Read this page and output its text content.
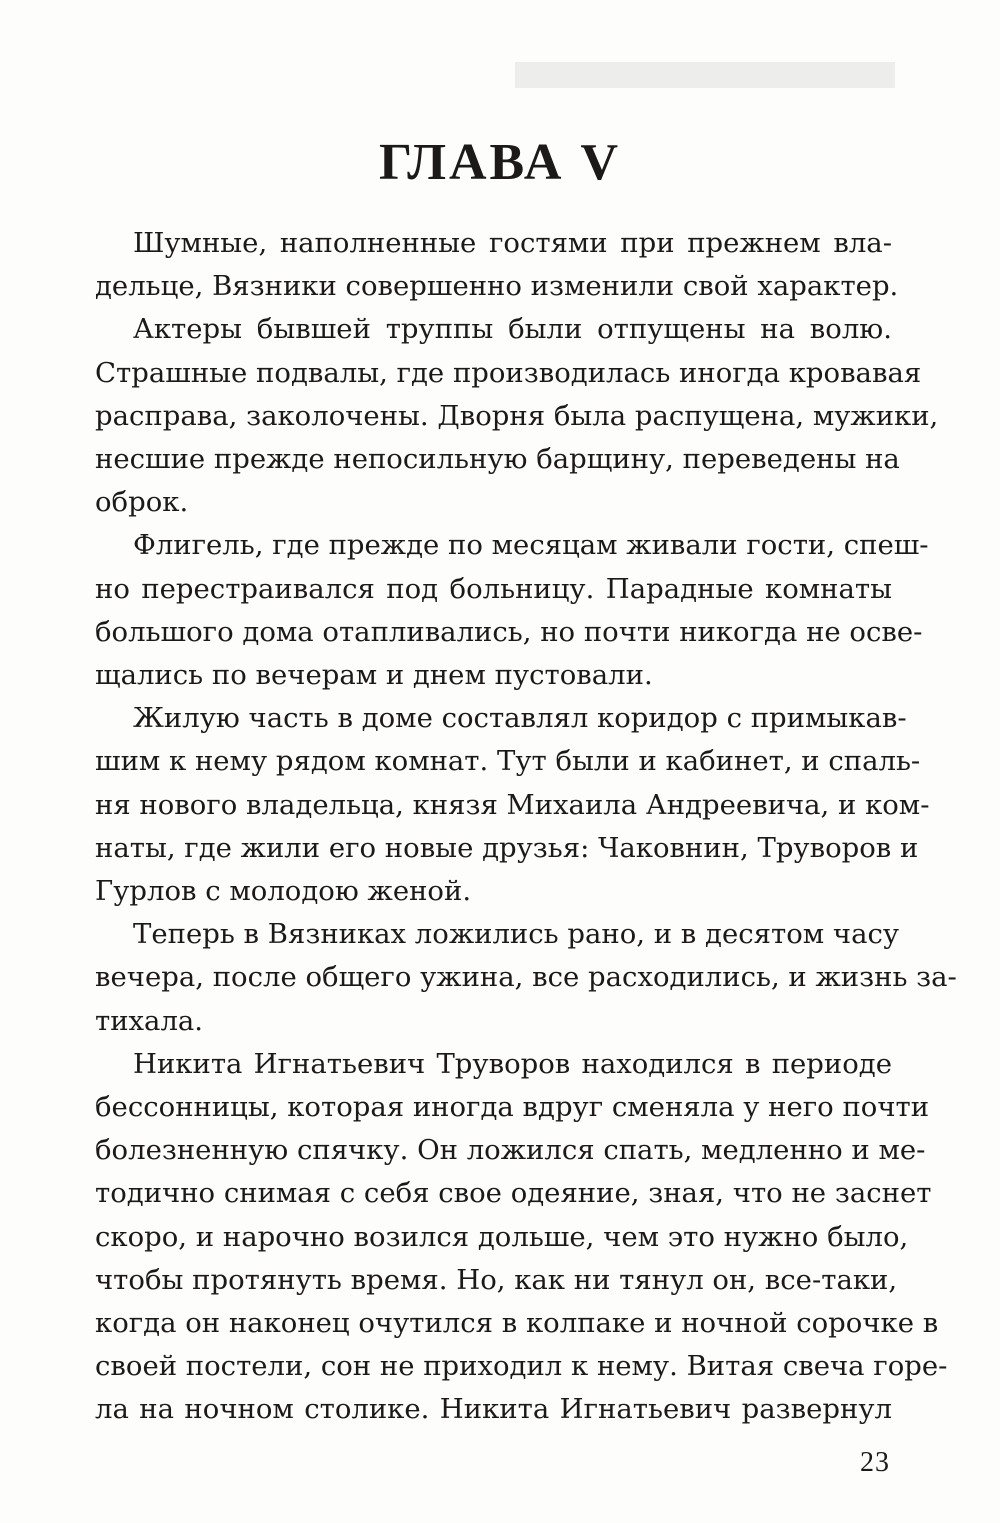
ГЛАВА V

Шумные, наполненные гостями при прежнем вла-

дельце, Вязники совершенно изменили свой характер.

Актеры бывшей труппы были отпущены на волю.

Страшные подвалы, где производилась иногда кровавая

расправа, заколочены. Дворня была распущена, мужики,

несшие прежде непосильную барщину, переведены на

оброк.

Флигель, где прежде по месяцам живали гости, спеш-

но перестраивался под больницу. Парадные комнаты

большого дома отапливались, но почти никогда не осве-

щались по вечерам и днем пустовали.

Жилую часть в доме составлял коридор с примыкав-

шим к нему рядом комнат. Тут были и кабинет, и спаль-

ня нового владельца, князя Михаила Андреевича, и ком-

наты, где жили его новые друзья: Чаковнин, Труворов и

Гурлов с молодою женой.

Теперь в Вязниках ложились рано, и в десятом часу

вечера, после общего ужина, все расходились, и жизнь за-

тихала.

Никита Игнатьевич Труворов находился в периоде

бессонницы, которая иногда вдруг сменяла у него почти

болезненную спячку. Он ложился спать, медленно и ме-

тодично снимая с себя свое одеяние, зная, что не заснет

скоро, и нарочно возился дольше, чем это нужно было,

чтобы протянуть время. Но, как ни тянул он, все-таки,

когда он наконец очутился в колпаке и ночной сорочке в

своей постели, сон не приходил к нему. Витая свеча горе-

ла на ночном столике. Никита Игнатьевич развернул

23
